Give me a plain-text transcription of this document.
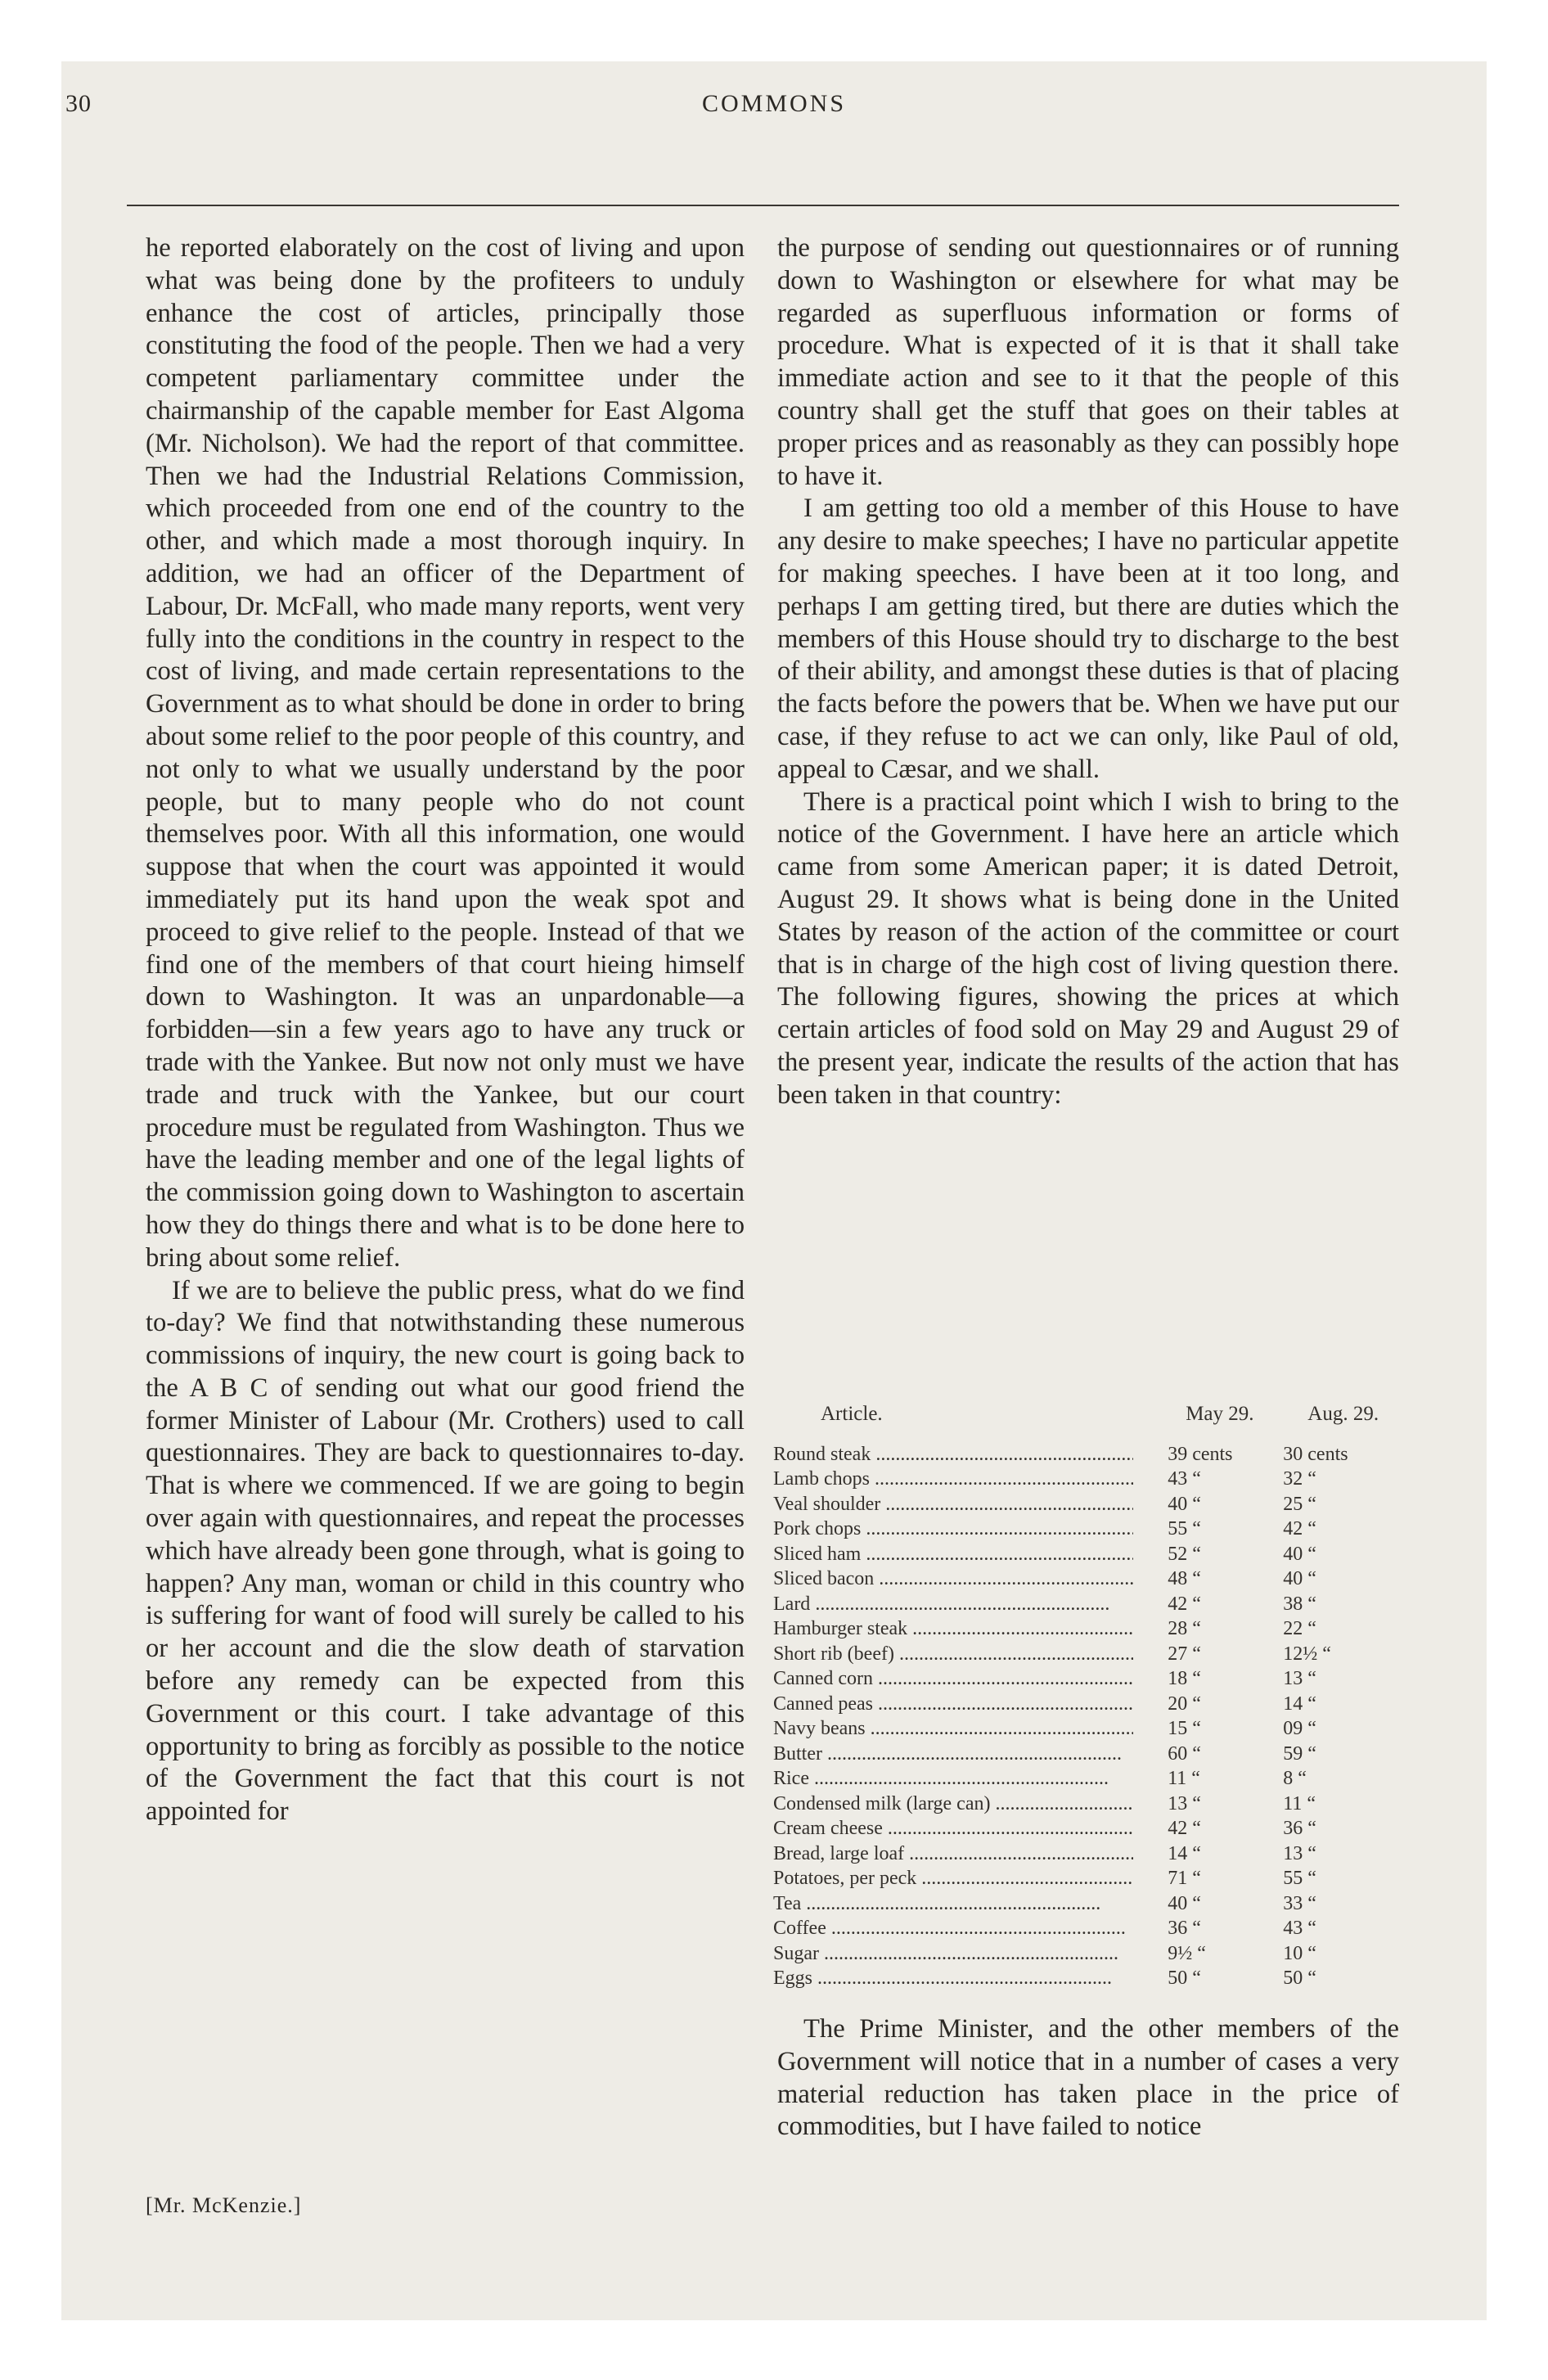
30	COMMONS

he reported elaborately on the cost of living and upon what was being done by the profiteers to unduly enhance the cost of articles, principally those constituting the food of the people. Then we had a very competent parliamentary committee under the chairmanship of the capable member for East Algoma (Mr. Nicholson). We had the report of that committee. Then we had the Industrial Relations Commission, which proceeded from one end of the country to the other, and which made a most thorough inquiry. In addition, we had an officer of the Department of Labour, Dr. McFall, who made many reports, went very fully into the conditions in the country in respect to the cost of living, and made certain representations to the Government as to what should be done in order to bring about some relief to the poor people of this country, and not only to what we usually understand by the poor people, but to many people who do not count themselves poor. With all this information, one would suppose that when the court was appointed it would immediately put its hand upon the weak spot and proceed to give relief to the people. Instead of that we find one of the members of that court hieing himself down to Washington. It was an unpardonable—a forbidden—sin a few years ago to have any truck or trade with the Yankee. But now not only must we have trade and truck with the Yankee, but our court procedure must be regulated from Washington. Thus we have the leading member and one of the legal lights of the commission going down to Washington to ascertain how they do things there and what is to be done here to bring about some relief.

If we are to believe the public press, what do we find to-day? We find that notwithstanding these numerous commissions of inquiry, the new court is going back to the A B C of sending out what our good friend the former Minister of Labour (Mr. Crothers) used to call questionnaires. They are back to questionnaires to-day. That is where we commenced. If we are going to begin over again with questionnaires, and repeat the processes which have already been gone through, what is going to happen? Any man, woman or child in this country who is suffering for want of food will surely be called to his or her account and die the slow death of starvation before any remedy can be expected from this Government or this court. I take advantage of this opportunity to bring as forcibly as possible to the notice of the Government the fact that this court is not appointed for

[Mr. McKenzie.]

the purpose of sending out questionnaires or of running down to Washington or elsewhere for what may be regarded as superfluous information or forms of procedure. What is expected of it is that it shall take immediate action and see to it that the people of this country shall get the stuff that goes on their tables at proper prices and as reasonably as they can possibly hope to have it.

I am getting too old a member of this House to have any desire to make speeches; I have no particular appetite for making speeches. I have been at it too long, and perhaps I am getting tired, but there are duties which the members of this House should try to discharge to the best of their ability, and amongst these duties is that of placing the facts before the powers that be. When we have put our case, if they refuse to act we can only, like Paul of old, appeal to Cæsar, and we shall.

There is a practical point which I wish to bring to the notice of the Government. I have here an article which came from some American paper; it is dated Detroit, August 29. It shows what is being done in the United States by reason of the action of the committee or court that is in charge of the high cost of living question there. The following figures, showing the prices at which certain articles of food sold on May 29 and August 29 of the present year, indicate the results of the action that has been taken in that country:

Article.	May 29.	Aug. 29.

Round steak .....	39 cents	30 cents

Lamb chops .....	43 “	32 “

Veal shoulder .....	40 “	25 “

Pork chops .....	55 “	42 “

Sliced ham .....	52 “	40 “

Sliced bacon .....	48 “	40 “

Lard .....	42 “	38 “

Hamburger steak .....	28 “	22 “

Short rib (beef) .....	27 “	12½ “

Canned corn .....	18 “	13 “

Canned peas .....	20 “	14 “

Navy beans .....	15 “	09 “

Butter .....	60 “	59 “

Rice .....	11 “	8 “

Condensed milk (large can) .....	13 “	11 “

Cream cheese .....	42 “	36 “

Bread, large loaf .....	14 “	13 “

Potatoes, per peck .....	71 “	55 “

Tea .....	40 “	33 “

Coffee .....	36 “	43 “

Sugar .....	9½ “	10 “

Eggs .....	50 “	50 “
The Prime Minister, and the other members of the Government will notice that in a number of cases a very material reduction has taken place in the price of commodities, but I have failed to notice
